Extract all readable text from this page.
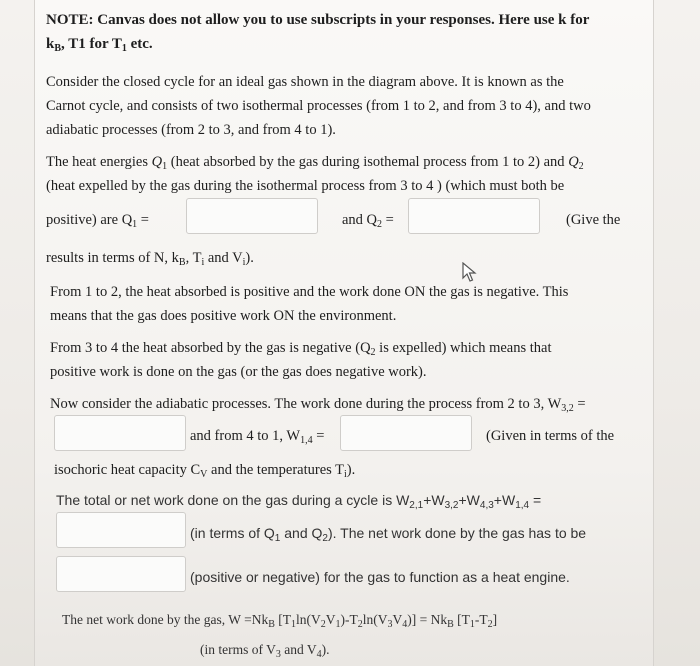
NOTE: Canvas does not allow you to use subscripts in your responses. Here use k for
$k_B$, T1 for $T_1$ etc.
Consider the closed cycle for an ideal gas shown in the diagram above. It is known as the
Carnot cycle, and consists of two isothermal processes (from 1 to 2, and from 3 to 4), and two
adiabatic processes (from 2 to 3, and from 4 to 1).
The heat energies $Q_1$ (heat absorbed by the gas during isothemal process from 1 to 2) and $Q_2$
(heat expelled by the gas during the isothermal process from 3 to 4 ) (which must both be
positive) are $Q_1$ =	and $Q_2$ =	(Give the
results in terms of N, $k_B$, $T_i$ and $V_i$).
From 1 to 2, the heat absorbed is positive and the work done ON the gas is negative. This
means that the gas does positive work ON the environment.
From 3 to 4 the heat absorbed by the gas is negative ($Q_2$ is expelled) which means that
positive work is done on the gas (or the gas does negative work).
Now consider the adiabatic processes. The work done during the process from 2 to 3, $W_{3,2}$ =
and from 4 to 1, $W_{1,4}$ =	(Given in terms of the
isochoric heat capacity $C_V$ and the temperatures $T_i$).
The total or net work done on the gas during a cycle is $W_{2,1}+W_{3,2}+W_{4,3}+W_{1,4}$ =
(in terms of $Q_1$ and $Q_2$). The net work done by the gas has to be
(positive or negative) for the gas to function as a heat engine.
The net work done by the gas, $W =Nk_B$ $[T_1\ln(V_2V_1)-T_2\ln(V_3V_4)] = Nk_B$ $[T_1-T_2]$
(in terms of $V_3$ and $V_4$).
